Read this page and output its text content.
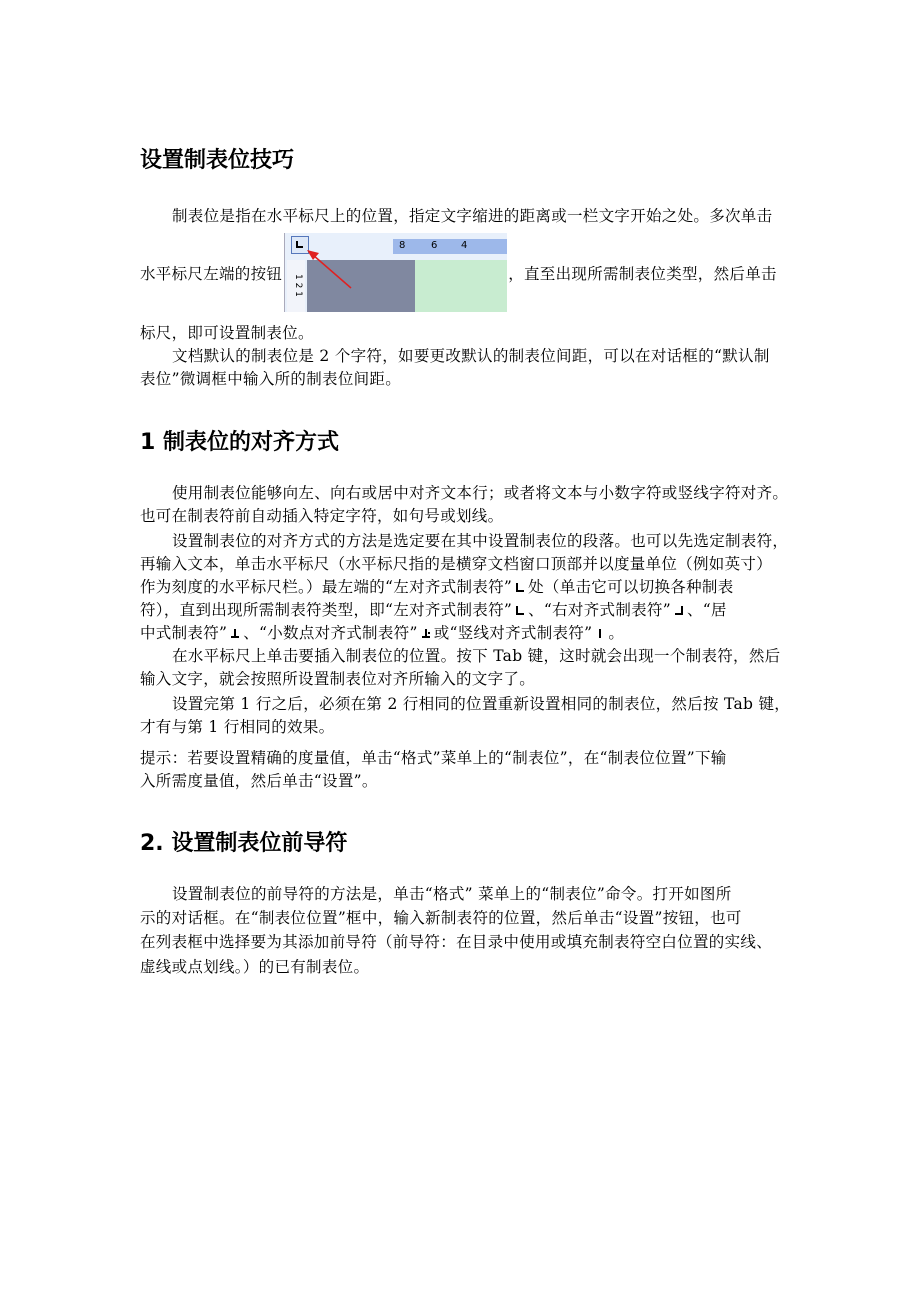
设置制表位技巧
制表位是指在水平标尺上的位置，指定文字缩进的距离或一栏文字开始之处。多次单击
水平标尺左端的按钮	，直至出现所需制表位类型，然后单击
8	6 4
1 2 1
标尺，即可设置制表位。
文档默认的制表位是 2 个字符，如要更改默认的制表位间距，可以在对话框的“默认制
表位”微调框中输入所的制表位间距。
1 制表位的对齐方式
使用制表位能够向左、向右或居中对齐文本行；或者将文本与小数字符或竖线字符对齐。
也可在制表符前自动插入特定字符，如句号或划线。
设置制表位的对齐方式的方法是选定要在其中设置制表位的段落。也可以先选定制表符，
再输入文本，单击水平标尺（水平标尺指的是横穿文档窗口顶部并以度量单位（例如英寸）
作为刻度的水平标尺栏。）最左端的“左对齐式制表符” 处（单击它可以切换各种制表
符），直到出现所需制表符类型，即“左对齐式制表符” 、“右对齐式制表符” 、“居
中式制表符” 、“小数点对齐式制表符” 或“竖线对齐式制表符” 。
在水平标尺上单击要插入制表位的位置。按下 Tab 键，这时就会出现一个制表符，然后
输入文字，就会按照所设置制表位对齐所输入的文字了。
设置完第 1 行之后，必须在第 2 行相同的位置重新设置相同的制表位，然后按 Tab 键，
才有与第 1 行相同的效果。
提示：若要设置精确的度量值，单击“格式”菜单上的“制表位”，在“制表位位置”下输
入所需度量值，然后单击“设置”。
2. 设置制表位前导符
设置制表位的前导符的方法是，单击“格式” 菜单上的“制表位”命令。打开如图所
示的对话框。在“制表位位置”框中，输入新制表符的位置，然后单击“设置”按钮，也可
在列表框中选择要为其添加前导符（前导符：在目录中使用或填充制表符空白位置的实线、
虚线或点划线。）的已有制表位。
